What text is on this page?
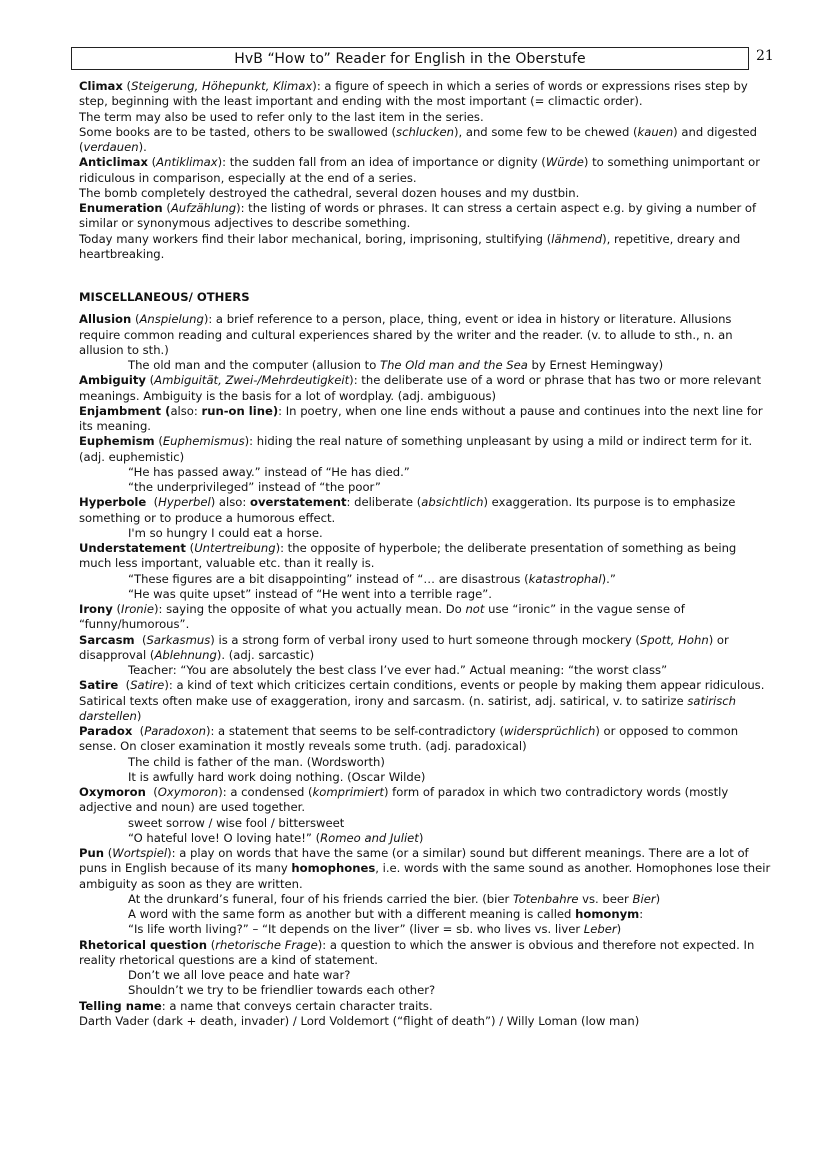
HvB “How to” Reader for English in the Oberstufe	21

Climax (Steigerung, Höhepunkt, Klimax): a figure of speech in which a series of words or expressions rises step by step, beginning with the least important and ending with the most important (= climactic order).

The term may also be used to refer only to the last item in the series.

Some books are to be tasted, others to be swallowed (schlucken), and some few to be chewed (kauen) and digested (verdauen).

Anticlimax (Antiklimax): the sudden fall from an idea of importance or dignity (Würde) to something unimportant or ridiculous in comparison, especially at the end of a series.

The bomb completely destroyed the cathedral, several dozen houses and my dustbin.

Enumeration (Aufzählung): the listing of words or phrases. It can stress a certain aspect e.g. by giving a number of similar or synonymous adjectives to describe something.

Today many workers find their labor mechanical, boring, imprisoning, stultifying (lähmend), repetitive, dreary and heartbreaking.

MISCELLANEOUS/ OTHERS

Allusion (Anspielung): a brief reference to a person, place, thing, event or idea in history or literature. Allusions require common reading and cultural experiences shared by the writer and the reader. (v. to allude to sth., n. an allusion to sth.)

The old man and the computer (allusion to The Old man and the Sea by Ernest Hemingway)

Ambiguity (Ambiguität, Zwei-/Mehrdeutigkeit): the deliberate use of a word or phrase that has two or more relevant meanings. Ambiguity is the basis for a lot of wordplay. (adj. ambiguous)

Enjambment (also: run-on line): In poetry, when one line ends without a pause and continues into the next line for its meaning.

Euphemism (Euphemismus): hiding the real nature of something unpleasant by using a mild or indirect term for it. (adj. euphemistic)

“He has passed away.” instead of “He has died.”

“the underprivileged” instead of “the poor”

Hyperbole  (Hyperbel) also: overstatement: deliberate (absichtlich) exaggeration. Its purpose is to emphasize something or to produce a humorous effect.

I'm so hungry I could eat a horse.

Understatement (Untertreibung): the opposite of hyperbole; the deliberate presentation of something as being much less important, valuable etc. than it really is.

“These figures are a bit disappointing” instead of “… are disastrous (katastrophal).”

“He was quite upset” instead of “He went into a terrible rage”.

Irony (Ironie): saying the opposite of what you actually mean. Do not use “ironic” in the vague sense of “funny/humorous”.

Sarcasm  (Sarkasmus) is a strong form of verbal irony used to hurt someone through mockery (Spott, Hohn) or disapproval (Ablehnung). (adj. sarcastic)

Teacher: “You are absolutely the best class I’ve ever had.” Actual meaning: “the worst class”

Satire  (Satire): a kind of text which criticizes certain conditions, events or people by making them appear ridiculous. Satirical texts often make use of exaggeration, irony and sarcasm. (n. satirist, adj. satirical, v. to satirize satirisch darstellen)

Paradox  (Paradoxon): a statement that seems to be self-contradictory (widersprüchlich) or opposed to common sense. On closer examination it mostly reveals some truth. (adj. paradoxical)

The child is father of the man. (Wordsworth)

It is awfully hard work doing nothing. (Oscar Wilde)

Oxymoron  (Oxymoron): a condensed (komprimiert) form of paradox in which two contradictory words (mostly adjective and noun) are used together.

sweet sorrow / wise fool / bittersweet

“O hateful love! O loving hate!” (Romeo and Juliet)

Pun (Wortspiel): a play on words that have the same (or a similar) sound but different meanings. There are a lot of puns in English because of its many homophones, i.e. words with the same sound as another. Homophones lose their ambiguity as soon as they are written.

At the drunkard’s funeral, four of his friends carried the bier. (bier Totenbahre vs. beer Bier)

A word with the same form as another but with a different meaning is called homonym:

“Is life worth living?” – “It depends on the liver” (liver = sb. who lives vs. liver Leber)

Rhetorical question (rhetorische Frage): a question to which the answer is obvious and therefore not expected. In reality rhetorical questions are a kind of statement.

Don’t we all love peace and hate war?

Shouldn’t we try to be friendlier towards each other?

Telling name: a name that conveys certain character traits.

Darth Vader (dark + death, invader) / Lord Voldemort (“flight of death”) / Willy Loman (low man)
